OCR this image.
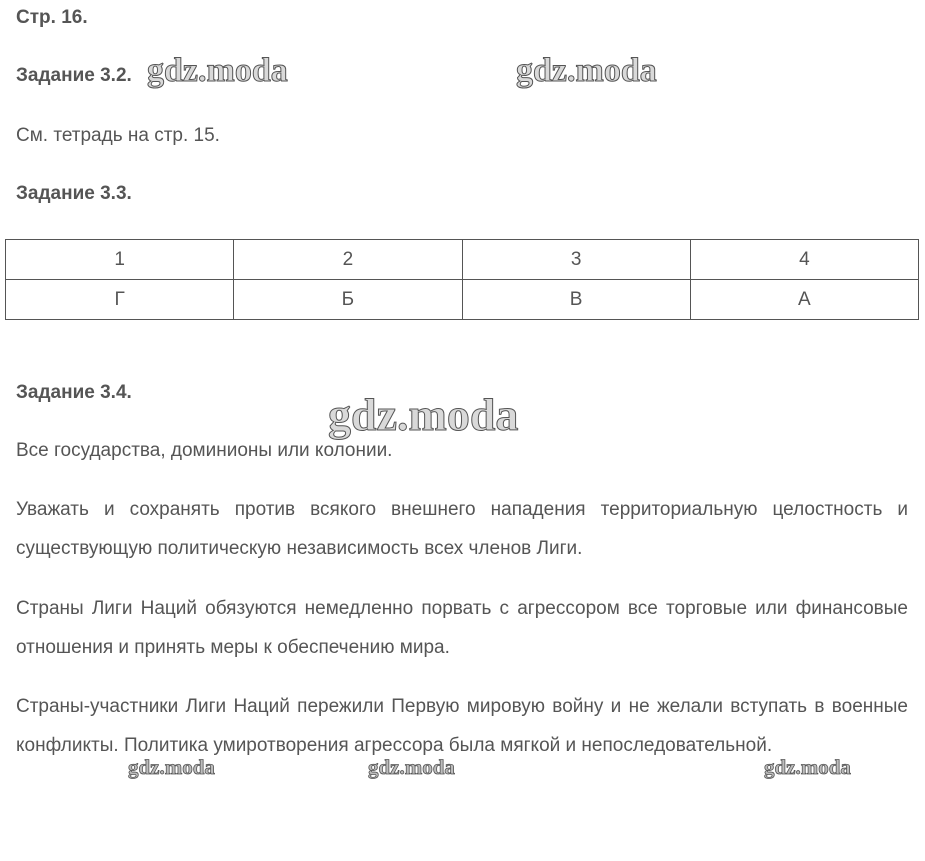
Стр. 16.
Задание 3.2.
См. тетрадь на стр. 15.
Задание 3.3.
1	2	3	4
Г	Б	В	А
Задание 3.4.
Все государства, доминионы или колонии.
Уважать и сохранять против всякого внешнего нападения территориальную целостность и существующую политическую независимость всех членов Лиги.
Страны Лиги Наций обязуются немедленно порвать с агрессором все торговые или финансовые отношения и принять меры к обеспечению мира.
Страны-участники Лиги Наций пережили Первую мировую войну и не желали вступать в военные конфликты. Политика умиротворения агрессора была мягкой и непоследовательной.
gdz.moda	gdz.moda
gdz.moda
gdz.moda	gdz.moda	gdz.moda
